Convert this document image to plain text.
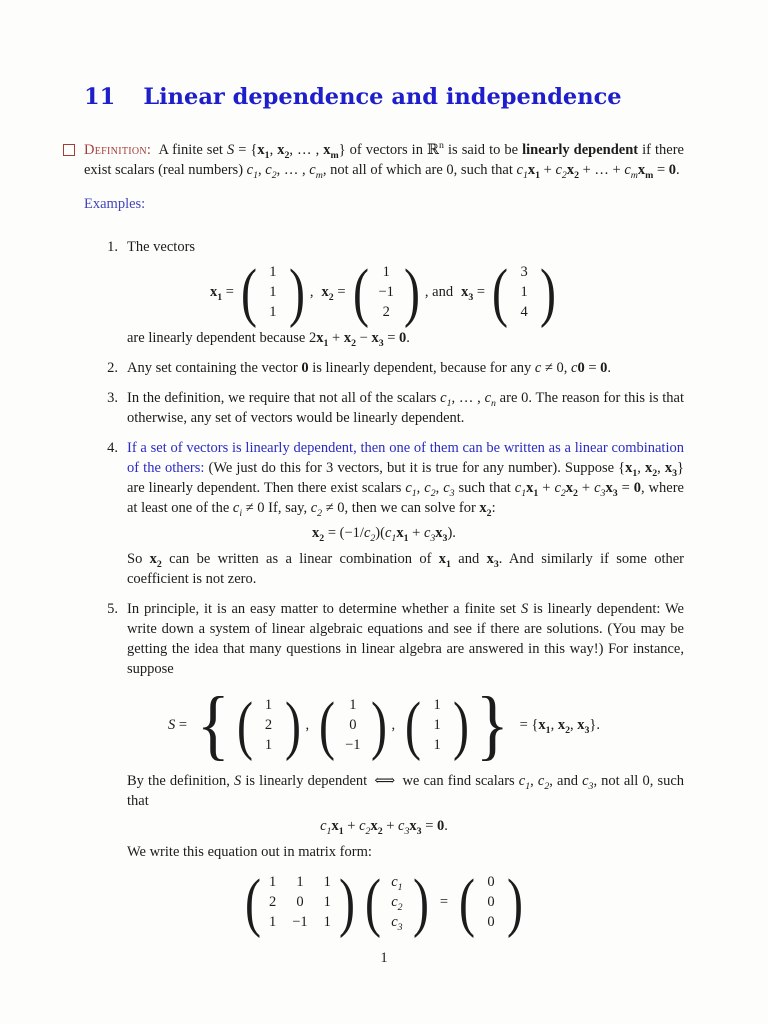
11 Linear dependence and independence
Definition: A finite set $S = \{x_1$, $x_2$, … , $x_m$} of vectors in ℝ$^n$ is said to be linearly dependent if there exist scalars (real numbers) $c_1$, $c_2$, … , $c_m$, not all of which are 0, such that $c_1x_1 + c_2x_2$ + … + $c_mx_m = 0$.
Examples:
1. The vectors
$x_1$ = ( 1
1
1 ) , $x_2$ = ( 1
−1
2 ) , and $x_3$ = ( 3
1
4 )
are linearly dependent because $2x_1 + x_2 - x_3 = 0$.
2. Any set containing the vector 0 is linearly dependent, because for any c ≠ 0, c0 = 0.
3. In the definition, we require that not all of the scalars $c_1$, … , $c_n$ are 0. The reason for this is that otherwise, any set of vectors would be linearly dependent.
4. If a set of vectors is linearly dependent, then one of them can be written as a linear combination of the others: (We just do this for 3 vectors, but it is true for any number). Suppose {$x_1$, $x_2$, $x_3$} are linearly dependent. Then there exist scalars $c_1$, $c_2$, $c_3$ such that $c_1x_1 + c_2x_2 + c_3x_3 = 0$, where at least one of the $c_i \ne 0$ If, say, $c_2 \ne 0$, then we can solve for $x_2$:
$x_2 = (-1/c_2)(c_1x_1 + c_3x_3)$.
So $x_2$ can be written as a linear combination of $x_1$ and $x_3$. And similarly if some other coefficient is not zero.
5. In principle, it is an easy matter to determine whether a finite set S is linearly dependent: We write down a system of linear algebraic equations and see if there are solutions. (You may be getting the idea that many questions in linear algebra are answered in this way!) For instance, suppose
S = { ( 1
2
1 ) , ( 1
0
−1 ) , ( 1
1
1 ) } = {$x_1$, $x_2$, $x_3$}.
By the definition, S is linearly dependent ⟺ we can find scalars $c_1$, $c_2$, and $c_3$, not all 0, such that
$c_1x_1 + c_2x_2 + c_3x_3 = 0$.
We write this equation out in matrix form:
( 1 1 1
2 0 1
1 −1 1 ) ( $c_1$
$c_2$
$c_3$ ) = ( 0
0
0 )
1
